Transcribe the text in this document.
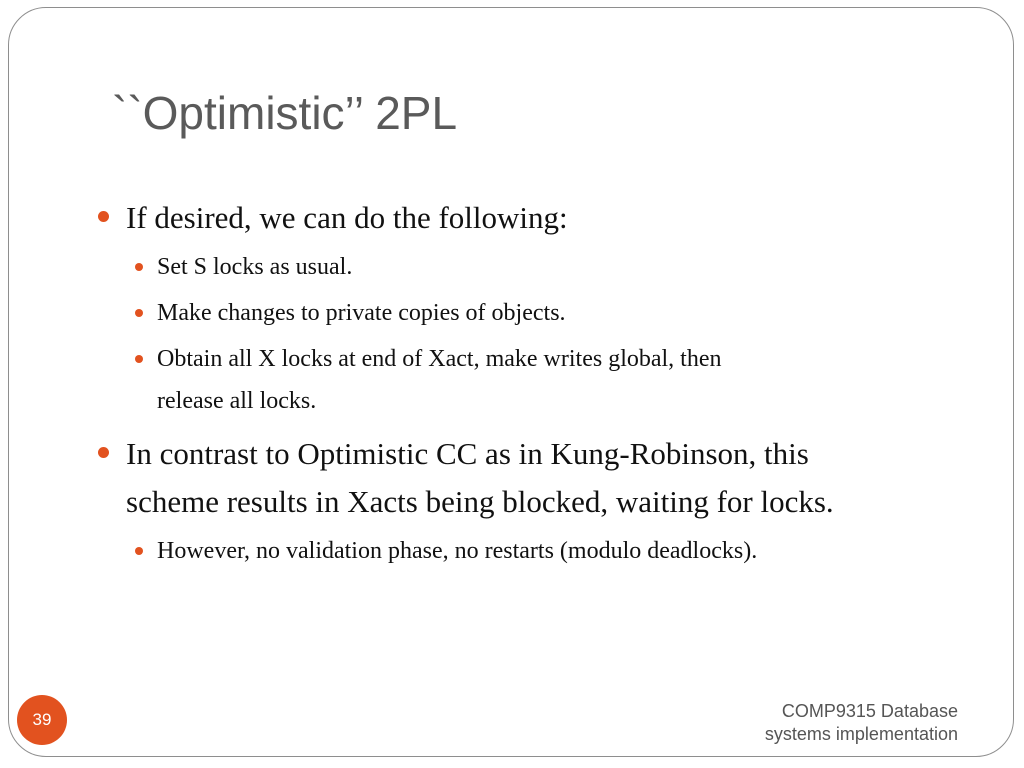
``Optimistic’’ 2PL
If desired, we can do the following:
Set S locks as usual.
Make changes to private copies of objects.
Obtain all X locks at end of Xact, make writes global, then
release all locks.
In contrast to Optimistic CC as in Kung-Robinson, this
scheme results in Xacts being blocked, waiting for locks.
However, no validation phase, no restarts (modulo deadlocks).
39	COMP9315 Database
systems implementation
